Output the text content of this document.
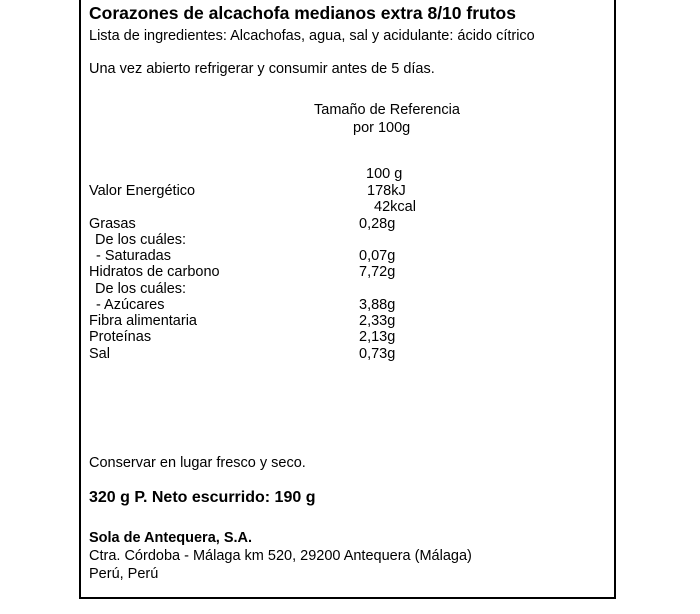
Corazones de alcachofa medianos extra 8/10 frutos
Lista de ingredientes: Alcachofas, agua, sal y acidulante: ácido cítrico
Una vez abierto refrigerar y consumir antes de 5 días.
Tamaño de Referencia
por 100g
100 g
Valor Energético	178kJ
42kcal
Grasas	0,28g
De los cuáles:
- Saturadas	0,07g
Hidratos de carbono	7,72g
De los cuáles:
- Azúcares	3,88g
Fibra alimentaria	2,33g
Proteínas	2,13g
Sal	0,73g
Conservar en lugar fresco y seco.
320 g P. Neto escurrido: 190 g
Sola de Antequera, S.A.
Ctra. Córdoba - Málaga km 520, 29200 Antequera (Málaga)
Perú, Perú
